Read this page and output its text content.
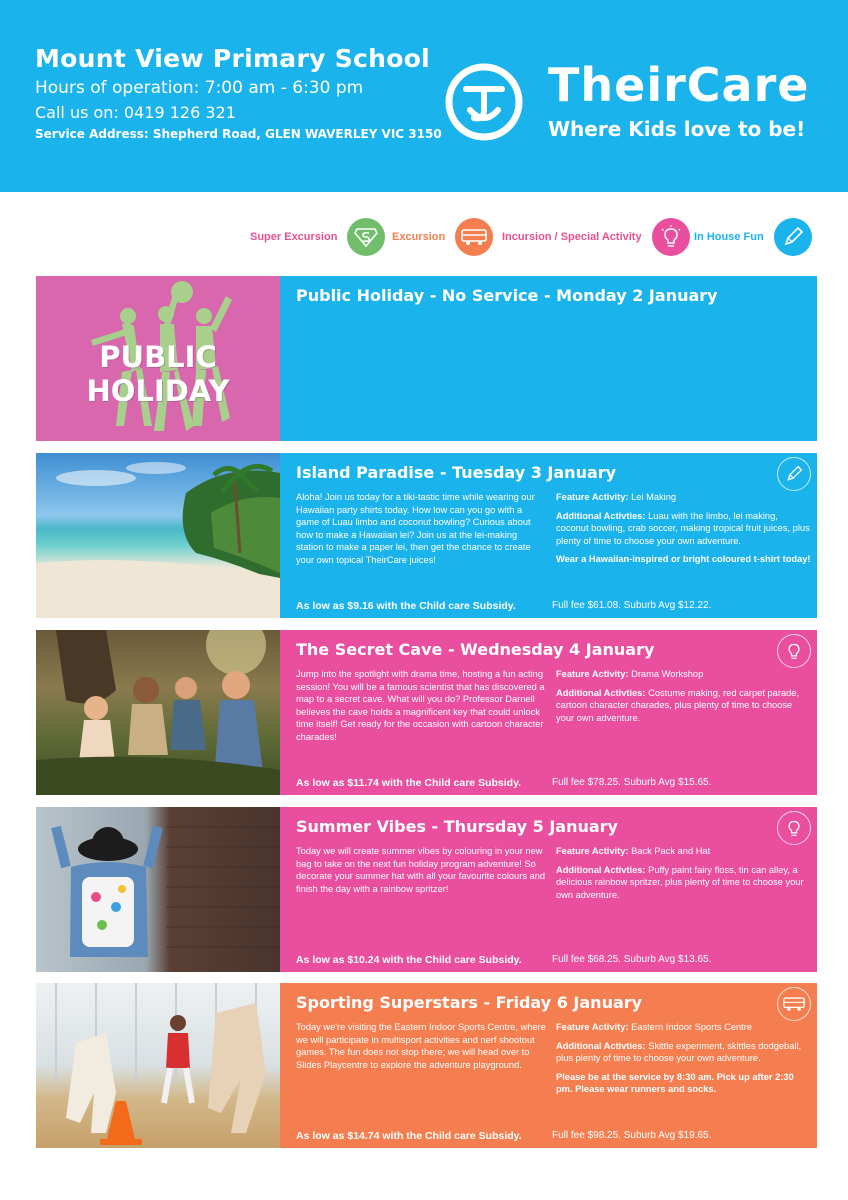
Mount View Primary School
Hours of operation: 7:00 am - 6:30 pm
Call us on: 0419 126 321
Service Address: Shepherd Road, GLEN WAVERLEY VIC 3150
TheirCare
Where Kids love to be!
Super Excursion	Excursion	Incursion / Special Activity	In House Fun
PUBLIC
HOLIDAY
Public Holiday - No Service - Monday 2 January
Island Paradise - Tuesday 3 January
Aloha! Join us today for a tiki-tastic time while wearing our Hawaiian party shirts today. How low can you go with a game of Luau limbo and coconut bowling? Curious about how to make a Hawaiian lei? Join us at the lei-making station to make a paper lei, then get the chance to create your own topical TheirCare juices!

Feature Activity: Lei Making

Additional Activties: Luau with the limbo, lei making, coconut bowling, crab soccer, making tropical fruit juices, plus plenty of time to choose your own adventure.

Wear a Hawaiian-inspired or bright coloured t-shirt today!

As low as $9.16 with the Child care Subsidy.	Full fee $61.08. Suburb Avg $12.22.
The Secret Cave - Wednesday 4 January
Jump into the spotlight with drama time, hosting a fun acting session! You will be a famous scientist that has discovered a map to a secret cave. What will you do? Professor Darnell believes the cave holds a magnificent key that could unlock time itself! Get ready for the occasion with cartoon character charades!

Feature Activity: Drama Workshop

Additional Activties: Costume making, red carpet parade, cartoon character charades, plus plenty of time to choose your own adventure.

As low as $11.74 with the Child care Subsidy.	Full fee $78.25. Suburb Avg $15.65.
Summer Vibes - Thursday 5 January
Today we will create summer vibes by colouring in your new bag to take on the next fun holiday program adventure! So decorate your summer hat with all your favourite colours and finish the day with a rainbow spritzer!

Feature Activity: Back Pack and Hat

Additional Activties: Puffy paint fairy floss, tin can alley, a delicious rainbow spritzer, plus plenty of time to choose your own adventure.

As low as $10.24 with the Child care Subsidy.	Full fee $68.25. Suburb Avg $13.65.
Sporting Superstars - Friday 6 January
Today we're visiting the Eastern Indoor Sports Centre, where we will participate in multisport activities and nerf shootout games. The fun does not stop there; we will head over to Slides Playcentre to explore the adventure playground.

Feature Activity: Eastern Indoor Sports Centre

Additional Activties: Skittle experiment, skittles dodgeball, plus plenty of time to choose your own adventure.

Please be at the service by 8:30 am. Pick up after 2:30 pm. Please wear runners and socks.

As low as $14.74 with the Child care Subsidy.	Full fee $98.25. Suburb Avg $19.65.
